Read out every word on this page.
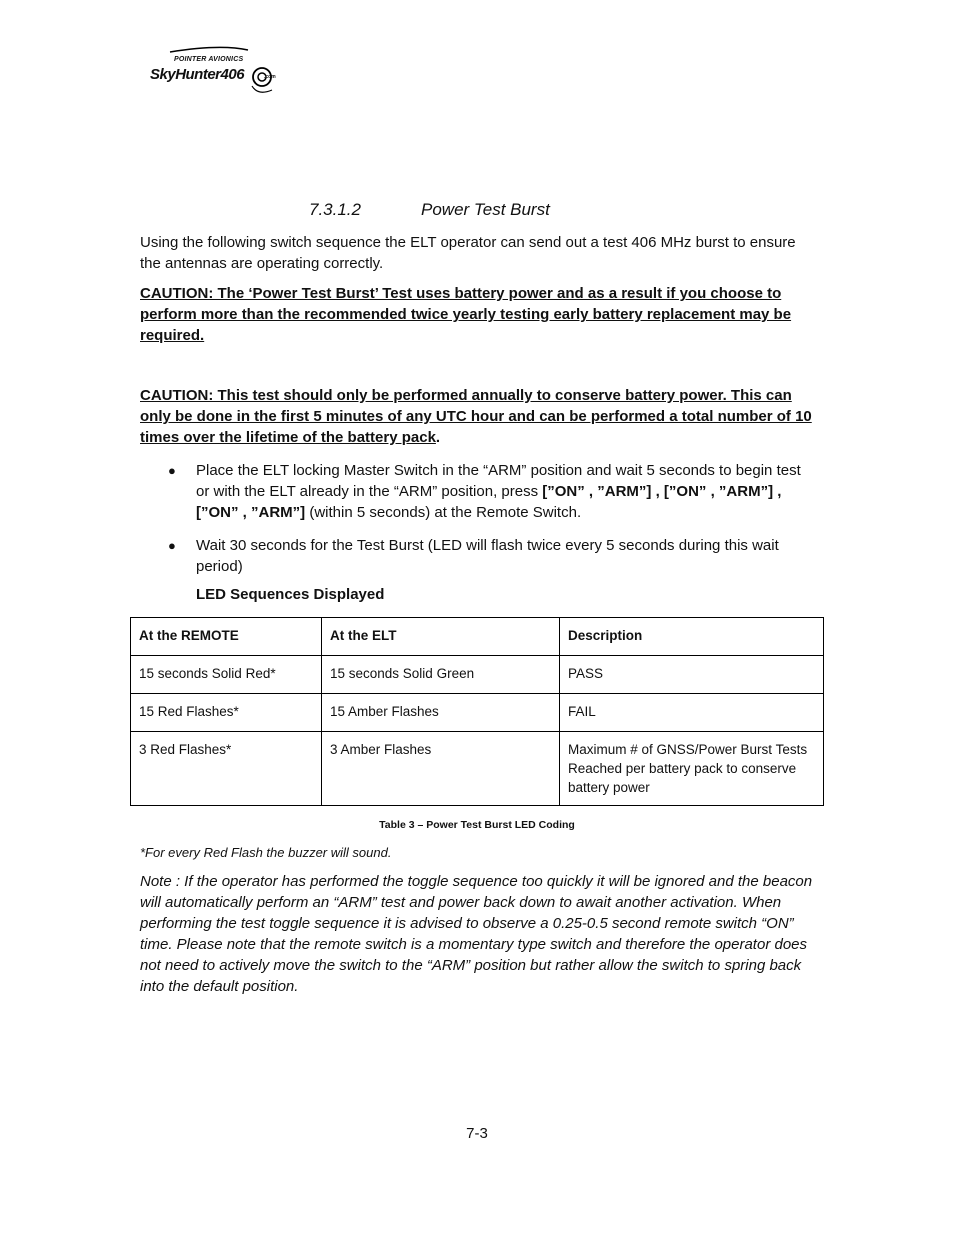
POINTER AVIONICS
SkyHunter406	.com
7.3.1.2	Power Test Burst
Using the following switch sequence the ELT operator can send out a test 406 MHz burst to ensure the antennas are operating correctly.
CAUTION: The ‘Power Test Burst’ Test uses battery power and as a result if you choose to perform more than the recommended twice yearly testing early battery replacement may be required.
CAUTION: This test should only be performed annually to conserve battery power. This can only be done in the first 5 minutes of any UTC hour and can be performed a total number of 10 times over the lifetime of the battery pack.
● Place the ELT locking Master Switch in the “ARM” position and wait 5 seconds to begin test or with the ELT already in the “ARM” position, press [”ON” , ”ARM”] , [”ON” , ”ARM”] , [”ON” , ”ARM”] (within 5 seconds) at the Remote Switch.
● Wait 30 seconds for the Test Burst (LED will flash twice every 5 seconds during this wait period)
LED Sequences Displayed
At the REMOTE	At the ELT	Description
15 seconds Solid Red*	15 seconds Solid Green	PASS
15 Red Flashes*	15 Amber Flashes	FAIL
3 Red Flashes*	3 Amber Flashes	Maximum # of GNSS/Power Burst Tests Reached per battery pack to conserve battery power
Table 3 – Power Test Burst LED Coding
*For every Red Flash the buzzer will sound.
Note : If the operator has performed the toggle sequence too quickly it will be ignored and the beacon will automatically perform an “ARM” test and power back down to await another activation. When performing the test toggle sequence it is advised to observe a 0.25-0.5 second remote switch “ON” time. Please note that the remote switch is a momentary type switch and therefore the operator does not need to actively move the switch to the “ARM” position but rather allow the switch to spring back into the default position.
7-3
